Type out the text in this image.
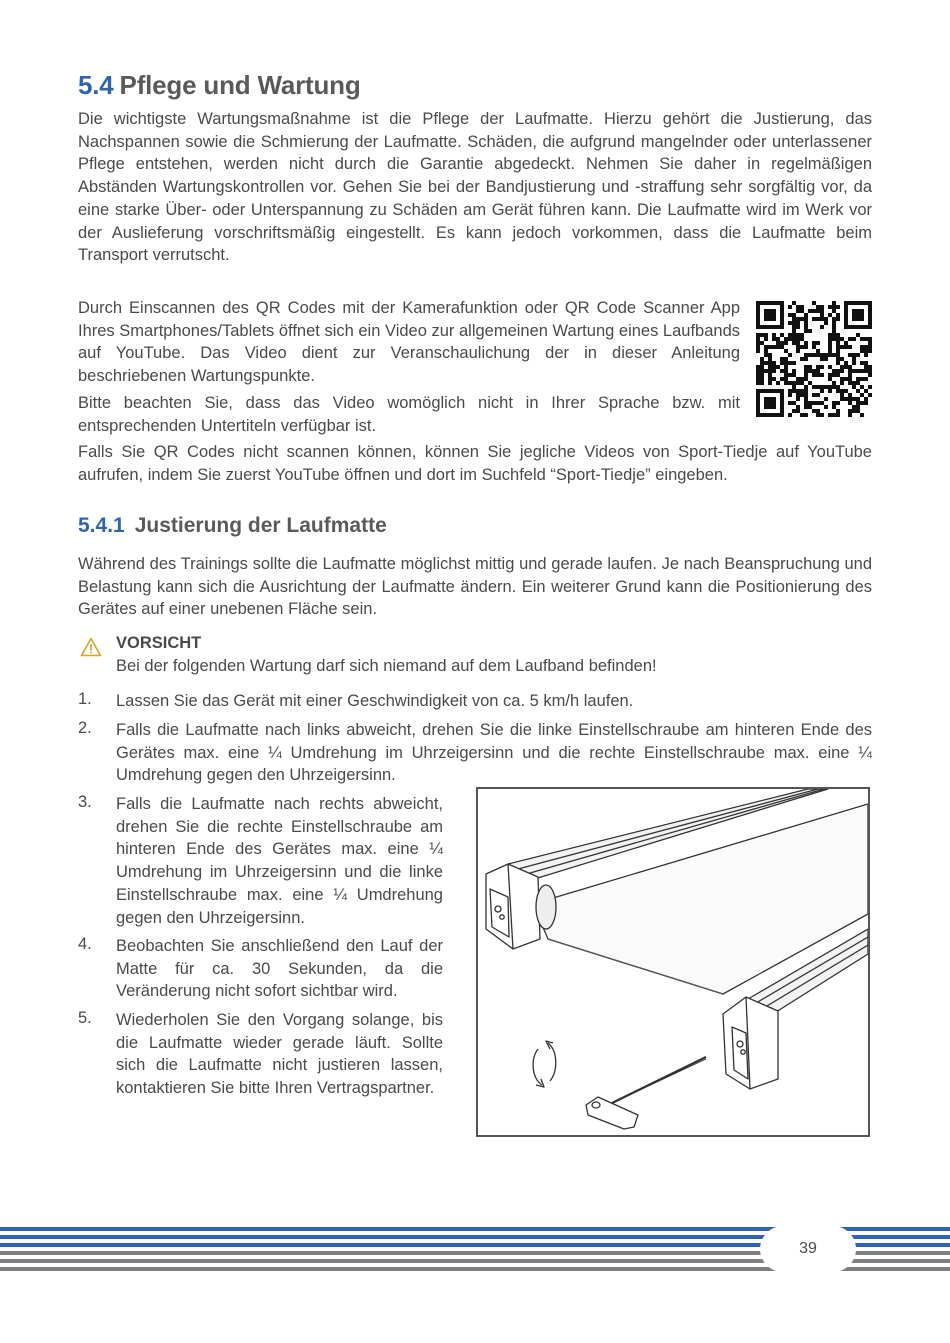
5.4 Pflege und Wartung

Die wichtigste Wartungsmaßnahme ist die Pflege der Laufmatte. Hierzu gehört die Justierung, das Nachspannen sowie die Schmierung der Laufmatte. Schäden, die aufgrund mangelnder oder unterlassener Pflege entstehen, werden nicht durch die Garantie abgedeckt. Nehmen Sie daher in regelmäßigen Abständen Wartungskontrollen vor. Gehen Sie bei der Bandjustierung und -straffung sehr sorgfältig vor, da eine starke Über- oder Unterspannung zu Schäden am Gerät führen kann. Die Laufmatte wird im Werk vor der Auslieferung vorschriftsmäßig eingestellt. Es kann jedoch vorkommen, dass die Laufmatte beim Transport verrutscht.

Durch Einscannen des QR Codes mit der Kamerafunktion oder QR Code Scanner App Ihres Smartphones/Tablets öffnet sich ein Video zur allgemeinen Wartung eines Laufbands auf YouTube. Das Video dient zur Veranschaulichung der in dieser Anleitung beschriebenen Wartungspunkte.

Bitte beachten Sie, dass das Video womöglich nicht in Ihrer Sprache bzw. mit entsprechenden Untertiteln verfügbar ist.

Falls Sie QR Codes nicht scannen können, können Sie jegliche Videos von Sport-Tiedje auf YouTube aufrufen, indem Sie zuerst YouTube öffnen und dort im Suchfeld “Sport-Tiedje” eingeben.

5.4.1 Justierung der Laufmatte

Während des Trainings sollte die Laufmatte möglichst mittig und gerade laufen. Je nach Beanspruchung und Belastung kann sich die Ausrichtung der Laufmatte ändern. Ein weiterer Grund kann die Positionierung des Gerätes auf einer unebenen Fläche sein.

VORSICHT
Bei der folgenden Wartung darf sich niemand auf dem Laufband befinden!
1. Lassen Sie das Gerät mit einer Geschwindigkeit von ca. 5 km/h laufen.

2. Falls die Laufmatte nach links abweicht, drehen Sie die linke Einstellschraube am hinteren Ende des Gerätes max. eine ¼ Umdrehung im Uhrzeigersinn und die rechte Einstellschraube max. eine ¼ Umdrehung gegen den Uhrzeigersinn.

3. Falls die Laufmatte nach rechts abweicht, drehen Sie die rechte Einstellschraube am hinteren Ende des Gerätes max. eine ¼ Umdrehung im Uhrzeigersinn und die linke Einstellschraube max. eine ¼ Umdrehung gegen den Uhrzeigersinn.

4. Beobachten Sie anschließend den Lauf der Matte für ca. 30 Sekunden, da die Veränderung nicht sofort sichtbar wird.

5. Wiederholen Sie den Vorgang solange, bis die Laufmatte wieder gerade läuft. Sollte sich die Laufmatte nicht justieren lassen, kontaktieren Sie bitte Ihren Vertragspartner.

39
